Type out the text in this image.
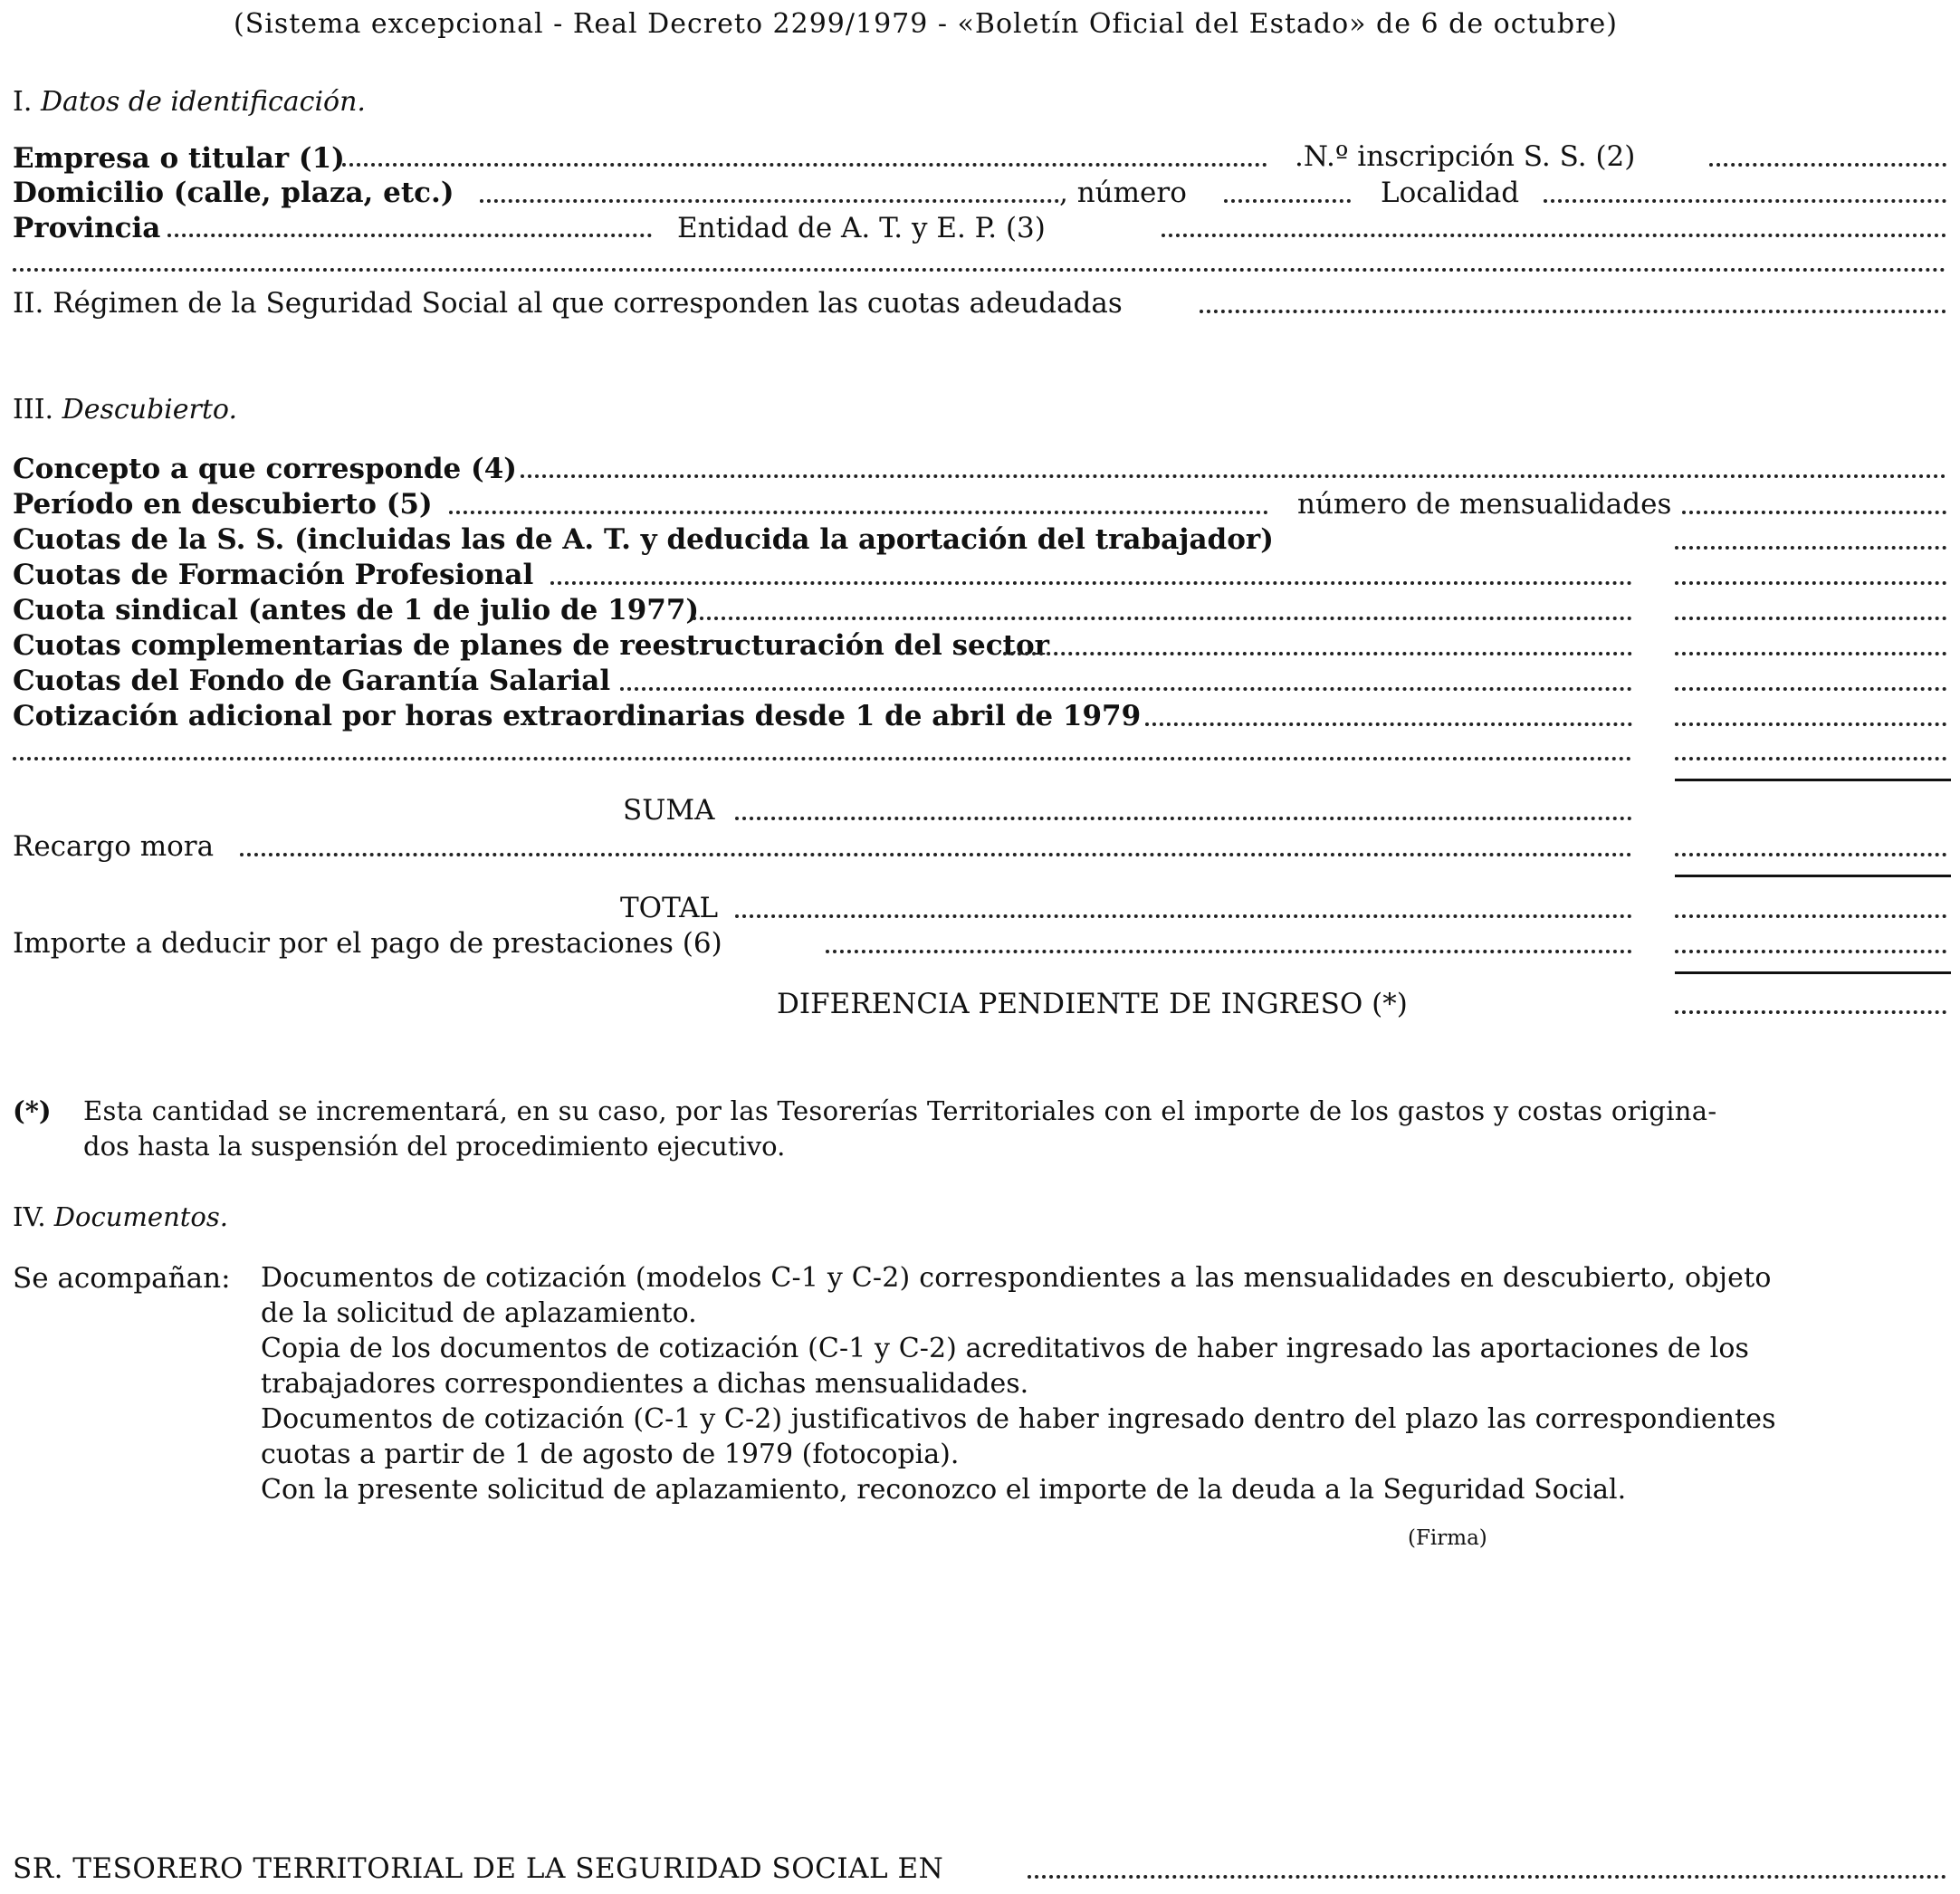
(Sistema excepcional - Real Decreto 2299/1979 - «Boletín Oficial del Estado» de 6 de octubre)
I. Datos de identificación.
Empresa o titular (1)	.N.º inscripción S. S. (2)
Domicilio (calle, plaza, etc.)	, número	Localidad
Provincia	Entidad de A. T. y E. P. (3)
II. Régimen de la Seguridad Social al que corresponden las cuotas adeudadas
III. Descubierto.
Concepto a que corresponde (4)
Período en descubierto (5)	número de mensualidades
Cuotas de la S. S. (incluidas las de A. T. y deducida la aportación del trabajador)
Cuotas de Formación Profesional
Cuota sindical (antes de 1 de julio de 1977)
Cuotas complementarias de planes de reestructuración del sector
Cuotas del Fondo de Garantía Salarial
Cotización adicional por horas extraordinarias desde 1 de abril de 1979
SUMA
Recargo mora
TOTAL
Importe a deducir por el pago de prestaciones (6)
DIFERENCIA PENDIENTE DE INGRESO (*)
(*) Esta cantidad se incrementará, en su caso, por las Tesorerías Territoriales con el importe de los gastos y costas origina-
dos hasta la suspensión del procedimiento ejecutivo.
IV. Documentos.
Se acompañan: Documentos de cotización (modelos C-1 y C-2) correspondientes a las mensualidades en descubierto, objeto
de la solicitud de aplazamiento.
Copia de los documentos de cotización (C-1 y C-2) acreditativos de haber ingresado las aportaciones de los
trabajadores correspondientes a dichas mensualidades.
Documentos de cotización (C-1 y C-2) justificativos de haber ingresado dentro del plazo las correspondientes
cuotas a partir de 1 de agosto de 1979 (fotocopia).
Con la presente solicitud de aplazamiento, reconozco el importe de la deuda a la Seguridad Social.
(Firma)
SR. TESORERO TERRITORIAL DE LA SEGURIDAD SOCIAL EN
